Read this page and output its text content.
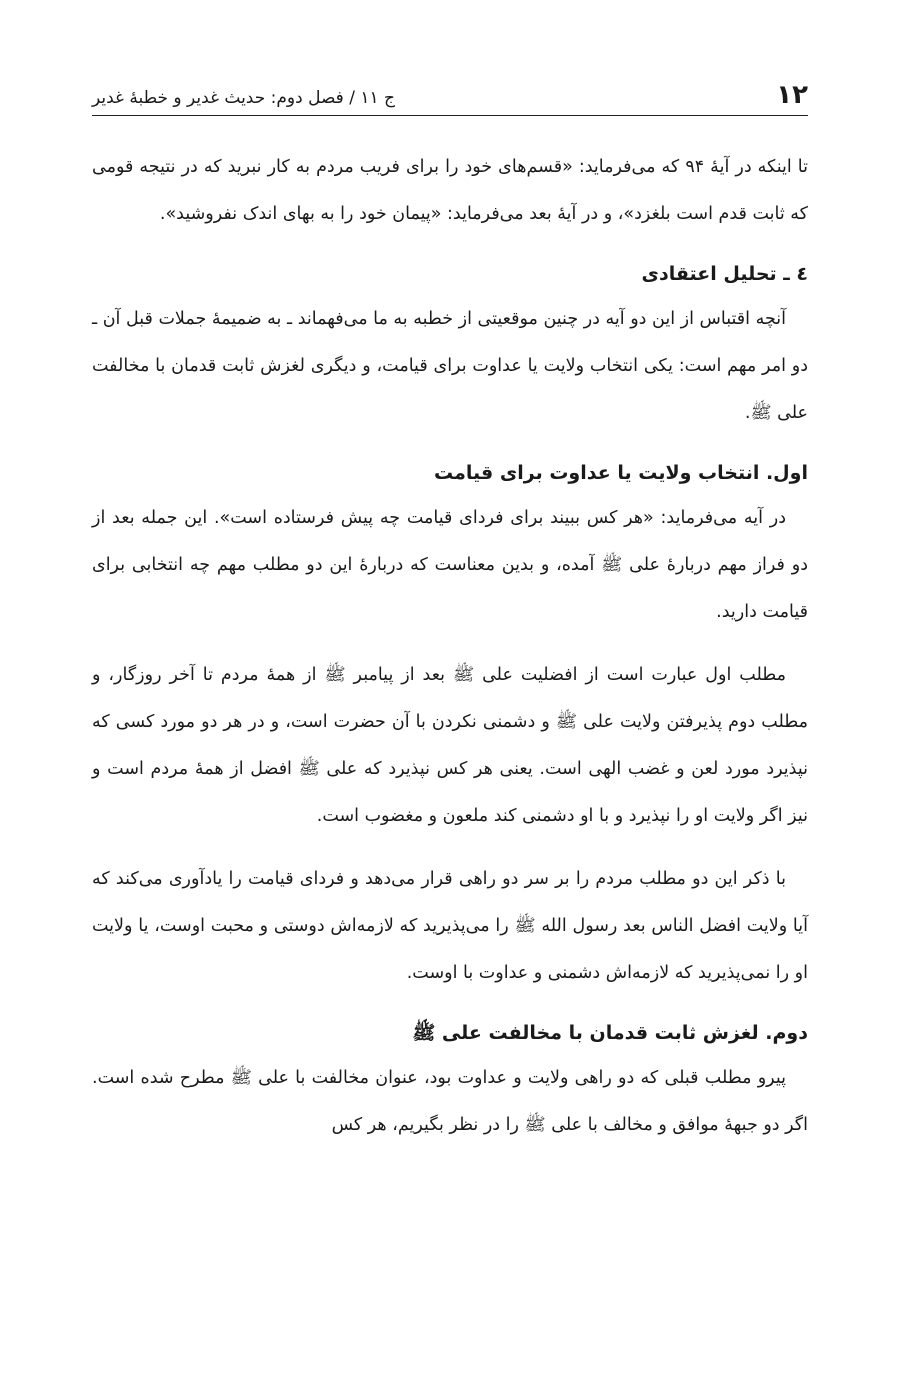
۱۲
ج ۱۱ / فصل دوم: حدیث غدیر و خطبهٔ غدیر

تا اینکه در آیهٔ ۹۴ که می‌فرماید: «قسم‌های خود را برای فریب مردم به کار نبرید که در نتیجه قومی که ثابت قدم است بلغزد»، و در آیهٔ بعد می‌فرماید: «پیمان خود را به بهای اندک نفروشید».

٤ ـ تحلیل اعتقادی

آنچه اقتباس از این دو آیه در چنین موقعیتی از خطبه به ما می‌فهماند ـ به ضمیمهٔ جملات قبل آن ـ دو امر مهم است: یکی انتخاب ولایت یا عداوت برای قیامت، و دیگری لغزش ثابت قدمان با مخالفت علی ﷺ.

اول. انتخاب ولایت یا عداوت برای قیامت

در آیه می‌فرماید: «هر کس ببیند برای فردای قیامت چه پیش فرستاده است». این جمله بعد از دو فراز مهم دربارهٔ علی ﷺ آمده، و بدین معناست که دربارهٔ این دو مطلب مهم چه انتخابی برای قیامت دارید.

مطلب اول عبارت است از افضلیت علی ﷺ بعد از پیامبر ﷺ از همهٔ مردم تا آخر روزگار، و مطلب دوم پذیرفتن ولایت علی ﷺ و دشمنی نکردن با آن حضرت است، و در هر دو مورد کسی که نپذیرد مورد لعن و غضب الهی است. یعنی هر کس نپذیرد که علی ﷺ افضل از همهٔ مردم است و نیز اگر ولایت او را نپذیرد و با او دشمنی کند ملعون و مغضوب است.

با ذکر این دو مطلب مردم را بر سر دو راهی قرار می‌دهد و فردای قیامت را یادآوری می‌کند که آیا ولایت افضل الناس بعد رسول الله ﷺ را می‌پذیرید که لازمه‌اش دوستی و محبت اوست، یا ولایت او را نمی‌پذیرید که لازمه‌اش دشمنی و عداوت با اوست.

دوم. لغزش ثابت قدمان با مخالفت علی ﷺ

پیرو مطلب قبلی که دو راهی ولایت و عداوت بود، عنوان مخالفت با علی ﷺ مطرح شده است. اگر دو جبههٔ موافق و مخالف با علی ﷺ را در نظر بگیریم، هر کس
